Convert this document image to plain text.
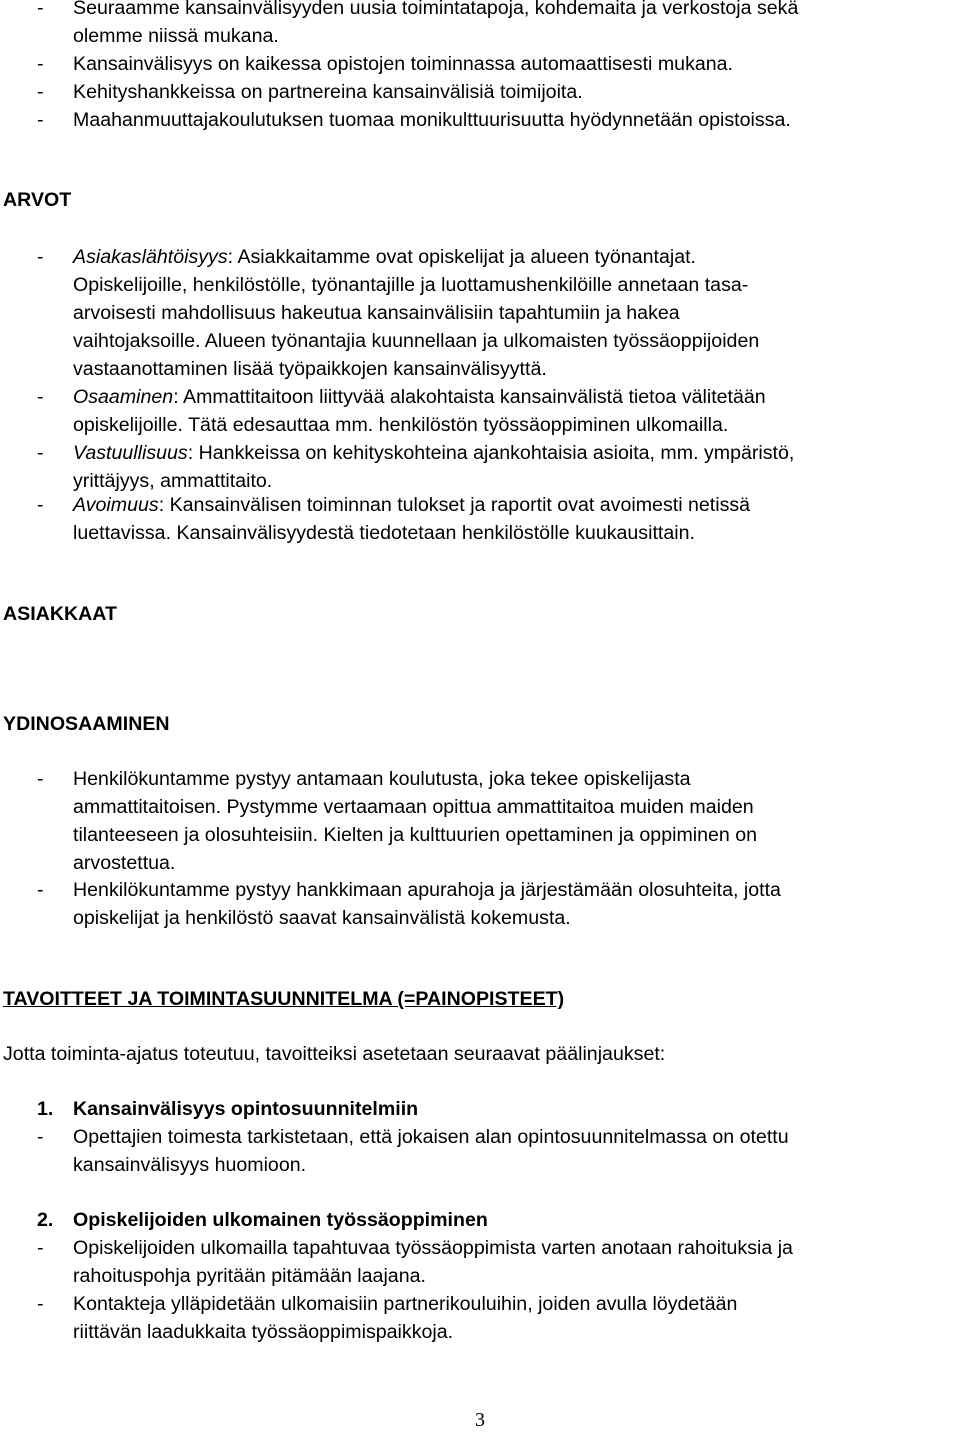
- Seuraamme kansainvälisyyden uusia toimintatapoja, kohdemaita ja verkostoja sekä
olemme niissä mukana.
- Kansainvälisyys on kaikessa opistojen toiminnassa automaattisesti mukana.
- Kehityshankkeissa on partnereina kansainvälisiä toimijoita.
- Maahanmuuttajakoulutuksen tuomaa monikulttuurisuutta hyödynnetään opistoissa.
ARVOT
- Asiakaslähtöisyys: Asiakkaitamme ovat opiskelijat ja alueen työnantajat.
Opiskelijoille, henkilöstölle, työnantajille ja luottamushenkilöille annetaan tasa-
arvoisesti mahdollisuus hakeutua kansainvälisiin tapahtumiin ja hakea
vaihtojaksoille. Alueen työnantajia kuunnellaan ja ulkomaisten työssäoppijoiden
vastaanottaminen lisää työpaikkojen kansainvälisyyttä.
- Osaaminen: Ammattitaitoon liittyvää alakohtaista kansainvälistä tietoa välitetään
opiskelijoille. Tätä edesauttaa mm. henkilöstön työssäoppiminen ulkomailla.
- Vastuullisuus: Hankkeissa on kehityskohteina ajankohtaisia asioita, mm. ympäristö,
yrittäjyys, ammattitaito.
- Avoimuus: Kansainvälisen toiminnan tulokset ja raportit ovat avoimesti netissä
luettavissa. Kansainvälisyydestä tiedotetaan henkilöstölle kuukausittain.
ASIAKKAAT
YDINOSAAMINEN
- Henkilökuntamme pystyy antamaan koulutusta, joka tekee opiskelijasta
ammattitaitoisen. Pystymme vertaamaan opittua ammattitaitoa muiden maiden
tilanteeseen ja olosuhteisiin. Kielten ja kulttuurien opettaminen ja oppiminen on
arvostettua.
- Henkilökuntamme pystyy hankkimaan apurahoja ja järjestämään olosuhteita, jotta
opiskelijat ja henkilöstö saavat kansainvälistä kokemusta.
TAVOITTEET JA TOIMINTASUUNNITELMA (=PAINOPISTEET)
Jotta toiminta-ajatus toteutuu, tavoitteiksi asetetaan seuraavat päälinjaukset:
1. Kansainvälisyys opintosuunnitelmiin
- Opettajien toimesta tarkistetaan, että jokaisen alan opintosuunnitelmassa on otettu
kansainvälisyys huomioon.
2. Opiskelijoiden ulkomainen työssäoppiminen
- Opiskelijoiden ulkomailla tapahtuvaa työssäoppimista varten anotaan rahoituksia ja
rahoituspohja pyritään pitämään laajana.
- Kontakteja ylläpidetään ulkomaisiin partnerikouluihin, joiden avulla löydetään
riittävän laadukkaita työssäoppimispaikkoja.
3
